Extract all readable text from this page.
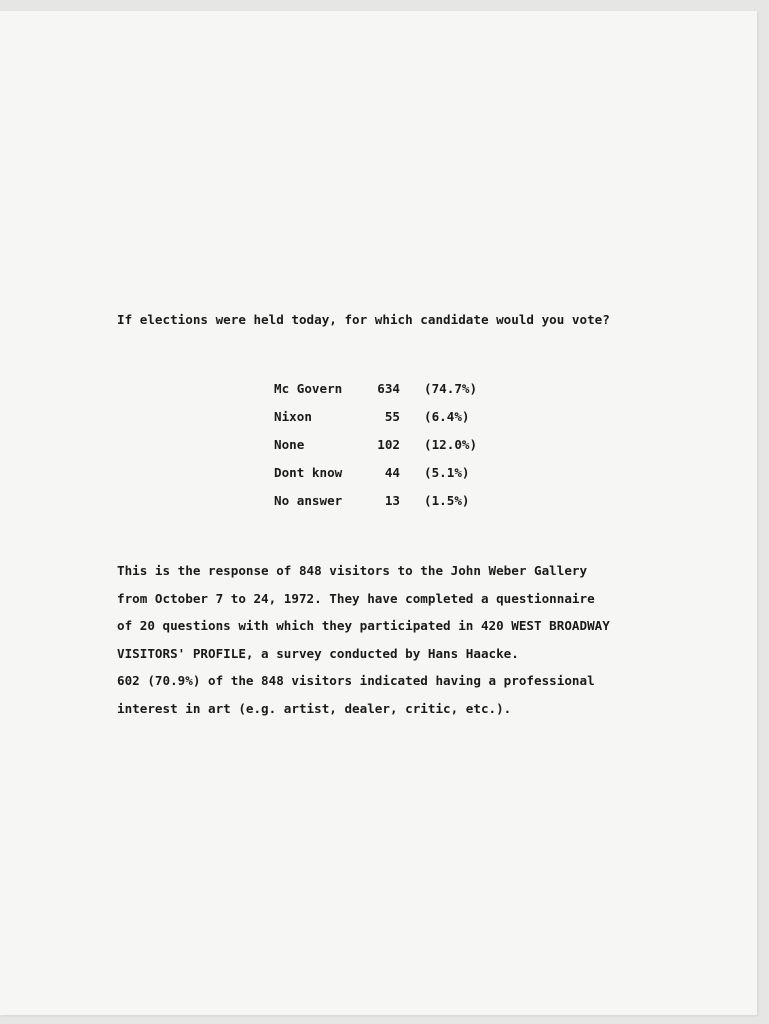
If elections were held today, for which candidate would you vote?
Mc Govern	634		(74.7%)
Nixon	55		(6.4%)
None	102		(12.0%)
Dont know	44		(5.1%)
No answer	13		(1.5%)
This is the response of 848 visitors to the John Weber Gallery
from October 7 to 24, 1972. They have completed a questionnaire
of 20 questions with which they participated in 420 WEST BROADWAY
VISITORS' PROFILE, a survey conducted by Hans Haacke.
602 (70.9%) of the 848 visitors indicated having a professional
interest in art (e.g. artist, dealer, critic, etc.).
